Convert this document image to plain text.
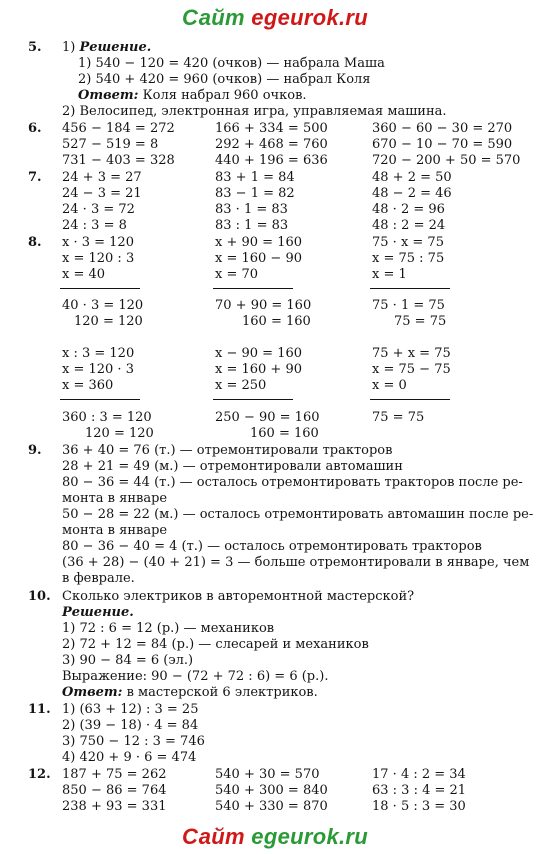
Сайт egeurok.ru
5. 1) Решение.
1) 540 − 120 = 420 (очков) — набрала Маша
2) 540 + 420 = 960 (очков) — набрал Коля
Ответ: Коля набрал 960 очков.
2) Велосипед, электронная игра, управляемая машина.
6. 456 − 184 = 272	166 + 334 = 500	360 − 60 − 30 = 270
527 − 519 = 8	292 + 468 = 760	670 − 10 − 70 = 590
731 − 403 = 328	440 + 196 = 636	720 − 200 + 50 = 570
7. 24 + 3 = 27	83 + 1 = 84	48 + 2 = 50
24 − 3 = 21	83 − 1 = 82	48 − 2 = 46
24 · 3 = 72	83 · 1 = 83	48 · 2 = 96
24 : 3 = 8	83 : 1 = 83	48 : 2 = 24
8. x · 3 = 120	x + 90 = 160	75 · x = 75
x = 120 : 3	x = 160 − 90	x = 75 : 75
x = 40	x = 70	x = 1
40 · 3 = 120	70 + 90 = 160	75 · 1 = 75
120 = 120	160 = 160	75 = 75
x : 3 = 120	x − 90 = 160	75 + x = 75
x = 120 · 3	x = 160 + 90	x = 75 − 75
x = 360	x = 250	x = 0
360 : 3 = 120	250 − 90 = 160	75 = 75
120 = 120	160 = 160
9. 36 + 40 = 76 (т.) — отремонтировали тракторов
28 + 21 = 49 (м.) — отремонтировали автомашин
80 − 36 = 44 (т.) — осталось отремонтировать тракторов после ре-
монта в январе
50 − 28 = 22 (м.) — осталось отремонтировать автомашин после ре-
монта в январе
80 − 36 − 40 = 4 (т.) — осталось отремонтировать тракторов
(36 + 28) − (40 + 21) = 3 — больше отремонтировали в январе, чем
в феврале.
10. Сколько электриков в авторемонтной мастерской?
Решение.
1) 72 : 6 = 12 (р.) — механиков
2) 72 + 12 = 84 (р.) — слесарей и механиков
3) 90 − 84 = 6 (эл.)
Выражение: 90 − (72 + 72 : 6) = 6 (р.).
Ответ: в мастерской 6 электриков.
11. 1) (63 + 12) : 3 = 25
2) (39 − 18) · 4 = 84
3) 750 − 12 : 3 = 746
4) 420 + 9 · 6 = 474
12. 187 + 75 = 262	540 + 30 = 570	17 · 4 : 2 = 34
850 − 86 = 764	540 + 300 = 840	63 : 3 : 4 = 21
238 + 93 = 331	540 + 330 = 870	18 · 5 : 3 = 30
Сайт egeurok.ru
